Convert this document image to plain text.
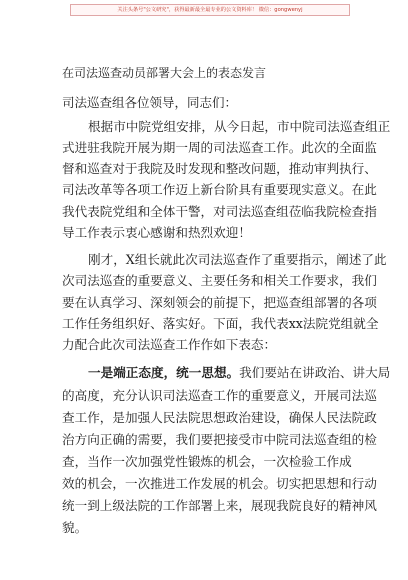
关注头条号"公文研究"，获得最新最全最专业的公文资料库！ 微信：gongwenyj
在司法巡查动员部署大会上的表态发言
司法巡查组各位领导，同志们：
根据市中院党组安排，从今日起，市中院司法巡查组正
式进驻我院开展为期一周的司法巡查工作。此次的全面监
督和巡查对于我院及时发现和整改问题，推动审判执行、
司法改革等各项工作迈上新台阶具有重要现实意义。在此
我代表院党组和全体干警，对司法巡查组莅临我院检查指
导工作表示衷心感谢和热烈欢迎！
刚才，X组长就此次司法巡查作了重要指示，阐述了此
次司法巡查的重要意义、主要任务和相关工作要求，我们
要在认真学习、深刻领会的前提下，把巡查组部署的各项
工作任务组织好、落实好。下面，我代表xx法院党组就全
力配合此次司法巡查工作作如下表态：
一是端正态度，统一思想。我们要站在讲政治、讲大局
的高度，充分认识司法巡查工作的重要意义，开展司法巡
查工作，是加强人民法院思想政治建设，确保人民法院政
治方向正确的需要，我们要把接受市中院司法巡查组的检
查，当作一次加强党性锻炼的机会，一次检验工作成
效的机会，一次推进工作发展的机会。切实把思想和行动
统一到上级法院的工作部署上来，展现我院良好的精神风
貌。
